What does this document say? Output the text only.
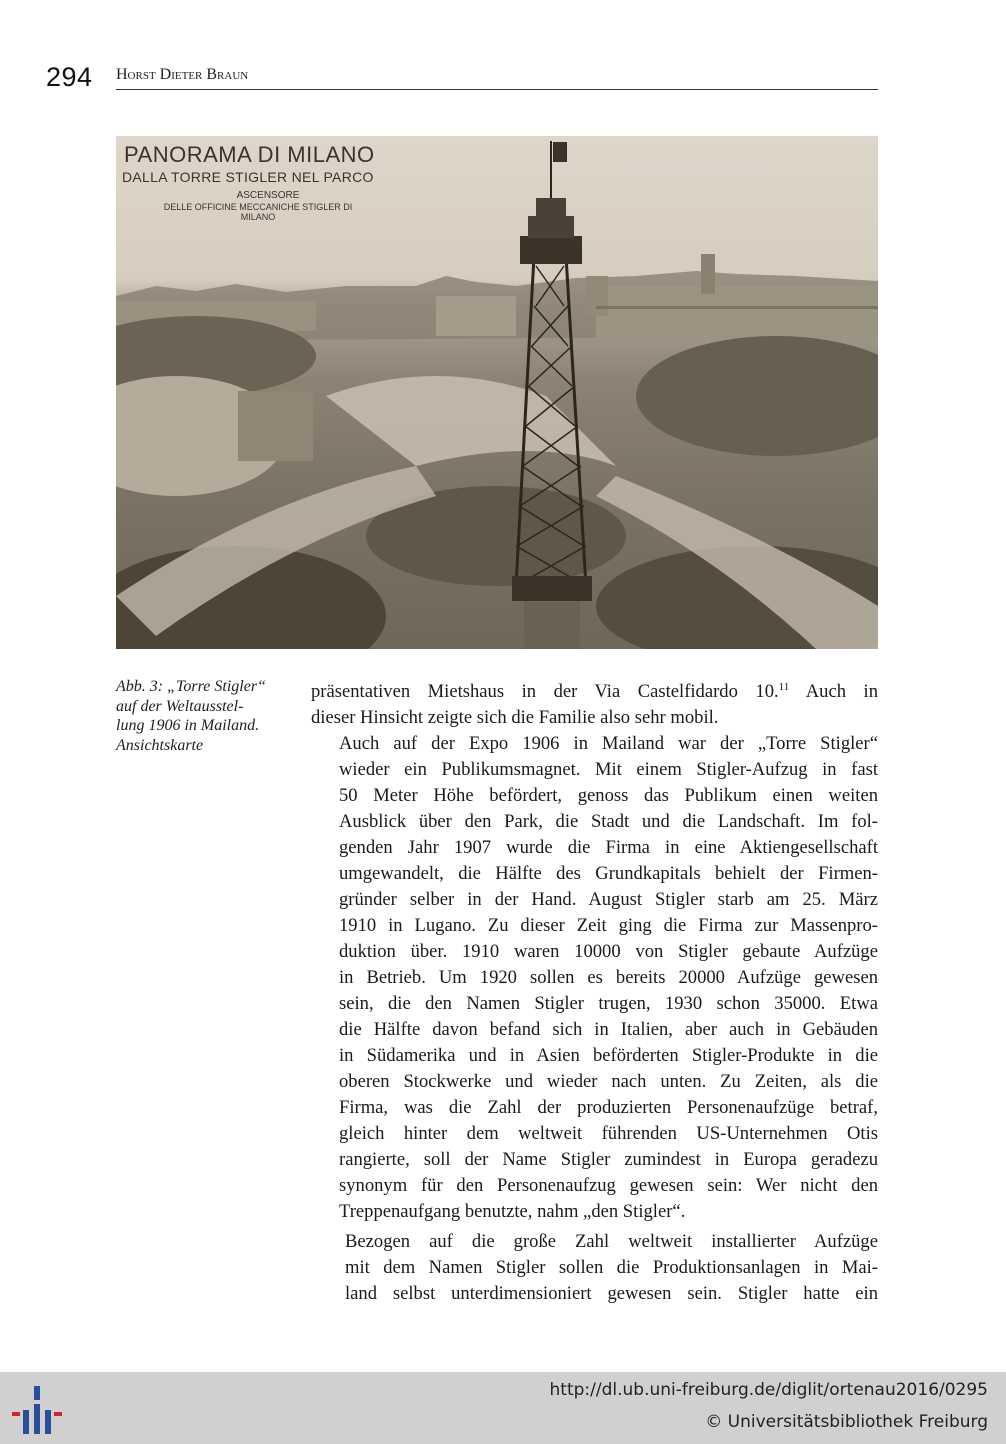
294 Horst Dieter Braun
PANORAMA DI MILANO
DALLA TORRE STIGLER NEL PARCO
ASCENSORE
DELLE OFFICINE MECCANICHE STIGLER DI MILANO
Abb. 3: „Torre Stigler“
auf der Weltausstel-
lung 1906 in Mailand.
Ansichtskarte

präsentativen Mietshaus in der Via Castelfidardo 10.11 Auch in
dieser Hinsicht zeigte sich die Familie also sehr mobil.

Auch auf der Expo 1906 in Mailand war der „Torre Stigler“
wieder ein Publikumsmagnet. Mit einem Stigler-Aufzug in fast
50 Meter Höhe befördert, genoss das Publikum einen weiten
Ausblick über den Park, die Stadt und die Landschaft. Im fol-
genden Jahr 1907 wurde die Firma in eine Aktiengesellschaft
umgewandelt, die Hälfte des Grundkapitals behielt der Firmen-
gründer selber in der Hand. August Stigler starb am 25. März
1910 in Lugano. Zu dieser Zeit ging die Firma zur Massenpro-
duktion über. 1910 waren 10000 von Stigler gebaute Aufzüge
in Betrieb. Um 1920 sollen es bereits 20000 Aufzüge gewesen
sein, die den Namen Stigler trugen, 1930 schon 35000. Etwa
die Hälfte davon befand sich in Italien, aber auch in Gebäuden
in Südamerika und in Asien beförderten Stigler-Produkte in die
oberen Stockwerke und wieder nach unten. Zu Zeiten, als die
Firma, was die Zahl der produzierten Personenaufzüge betraf,
gleich hinter dem weltweit führenden US-Unternehmen Otis
rangierte, soll der Name Stigler zumindest in Europa geradezu
synonym für den Personenaufzug gewesen sein: Wer nicht den
Treppenaufgang benutzte, nahm „den Stigler“.

Bezogen auf die große Zahl weltweit installierter Aufzüge
mit dem Namen Stigler sollen die Produktionsanlagen in Mai-
land selbst unterdimensioniert gewesen sein. Stigler hatte ein

http://dl.ub.uni-freiburg.de/diglit/ortenau2016/0295
© Universitätsbibliothek Freiburg
